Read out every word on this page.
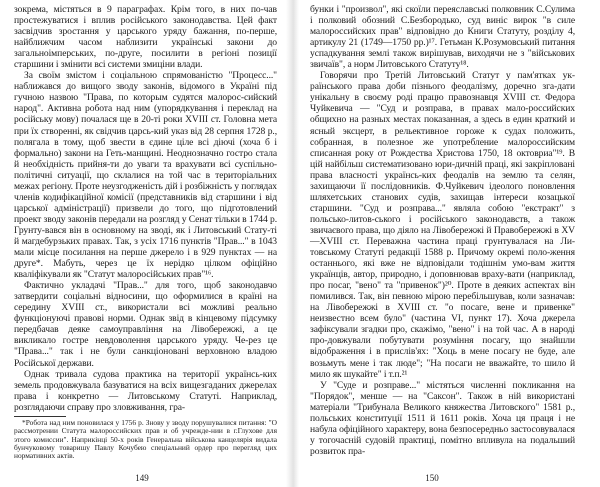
зокрема, містяться в 9 параграфах. Крім того, в них по-чав простежуватися і вплив російського законодавства. Цей факт засвідчив зростання у царського уряду бажання, по-перше, найближчим часом наблизити українські закони до загальноімперських, по-друге, посилити в регіоні позиції старшини і змінити всі системи змиціни влади.

За своїм змістом і соціальною спрямованістю "Процесс..." наближався до вищого зводу законів, відомого в Україні під гучною назвою "Права, по которым судятся малорос-сийский народ". Активна робота над ним (упорядкування і переклад на російську мову) почалася ще в 20-ті роки XVIII ст. Головна мета при їх створенні, як свідчив царсь-кий указ від 28 серпня 1728 р., полягала в тому, щоб звести в єдине ціле всі діючі (хоча б і формально) закони на Геть-манщині. Неоднозначно гостро стала й необхідність прийня-ти до уваги та врахувати всі суспільно-політичні ситуації, що склалися на той час в територіальних межах регіону. Проте неузгодженість дій і розбіжність у поглядах членів кодифікаційної комісії (представників від старшини і від царської адміністрації) призвели до того, що підготовлений проект зводу законів передали на розгляд у Сенат тільки в 1744 р. Грунту-вався він в основному на зводі, як і Литовський Стату-ті й магдебурзьких правах. Так, з усіх 1716 пунктів "Прав..." в 1043 мали місце посилання на перше джерело і в 929 пунктах — на друге*. Мабуть, через це їх нерідко цілком офіційно кваліфікували як "Статут малоросійських прав"¹⁶.

Фактично укладачі "Прав..." для того, щоб законодавчо затвердити соціальні відносини, що оформилися в країні на середину XVIII ст., використали всі можливі реально функціонуючі правові норми. Однак звід в кінцевому підсумку передбачав деяке самоуправління на Лівобережжі, а це викликало гостре невдоволення царського уряду. Че-рез це "Права..." так і не були санкціоновані верховною владою Російської держави.

Однак тривала судова практика на території українсь-ких земель продовжувала базуватися на всіх вищезгаданих джерелах права і конкретно — Литовському Статуті. Наприклад, розглядаючи справу про зловживання, гра-

*Робота над ним поновилася у 1756 р. Знову у зводу порушувалися питання: "О рассмотрении Статута малороссийских прав и об учрежде-нии в г.Глухове для этого комиссии". Наприкінці 50-х років Генеральна військова канцелярія видала бунчуковому товаришу Павлу Кочубею спеціальний ордер про перегляд цих нормативних актів.

149

бунки і "произвол", які скоїли переяславські полковник С.Сулима і полковий обозний С.Безбородько, суд виніс вирок "в силе малороссийских прав" відповідно до Книги Статуту, розділу 4, артикулу 21 (1749—1750 рр.)¹⁷. Гетьман К.Розумовський питання успадкування землі також вирішував, виходячи не з "військових звичаїв", а норм Литовського Статуту¹⁸.

Говорячи про Третій Литовський Статут у пам'ятках ук-раїнського права доби пізнього феодалізму, доречно зга-дати унікальну в своєму роді працю правознавця XVIII ст. Федора Чуйкевича — "Суд и розправа, в правах мало-российских общихно на разных местах показанная, а здесь в един краткий и ясный эксцерт, в рельективное гороже к судах положить, собранная, в полезное же употребление малороссийским списанная року от Рождества Христова 1750, 18 октовриа"¹⁹. В цій найбільш систематизовано юри-дичній праці, які закріпловані права власності українсь-ких феодалів на землю та селян, захищаючи її послідовників. Ф.Чуйкевич ідеолого поновлення шляхетських станових судів, захищав інтереси козацької старшини. "Суд и розправа..." являла собою "екстракт" з польсько-литов-ського і російського законодавств, а також звичаєвого права, що діяло на Лівобережжі й Правобережжі в XV—XVIII ст. Переважна частина праці грунтувалася на Ли-товському Статуті редакції 1588 р. Причому окремі поло-ження останнього, які вже не відповідали тодішнім умо-вам життя українців, автор, природно, і доповнював враху-вати (наприклад, про посаг, "вено" та "привенок")²⁰. Проте в деяких аспектах він помилився. Так, він певною мірою перебільшував, коли зазначав: на Лівобережжі в XVIII ст. "о посаге, вене и привенке" неизвестно всем було" (частина VI, пункт 17). Хоча джерела зафіксували згадки про, скажімо, "вено" і на той час. А в народі про-довжували побутувати розуміння посагу, що знайшли відображення і в прислів'ях: "Хоць в мене посагу не буде, але возьмуть мене і так люде"; "На посаги не вважайте, то шило й мило як шукайте" і т.п.²¹

У "Суде и розправе..." містяться численні покликання на "Порядок", менше — на "Саксон". Також в ній використані матеріали "Трибунала Великого княжества Литовского" 1581 р., польських конституції 1511 й 1611 років. Хоча ця праця і не набула офіційного характеру, вона безпосередньо застосовувалася у тогочасній судовій практиці, помітно впливула на подальший розвиток пра-

150
